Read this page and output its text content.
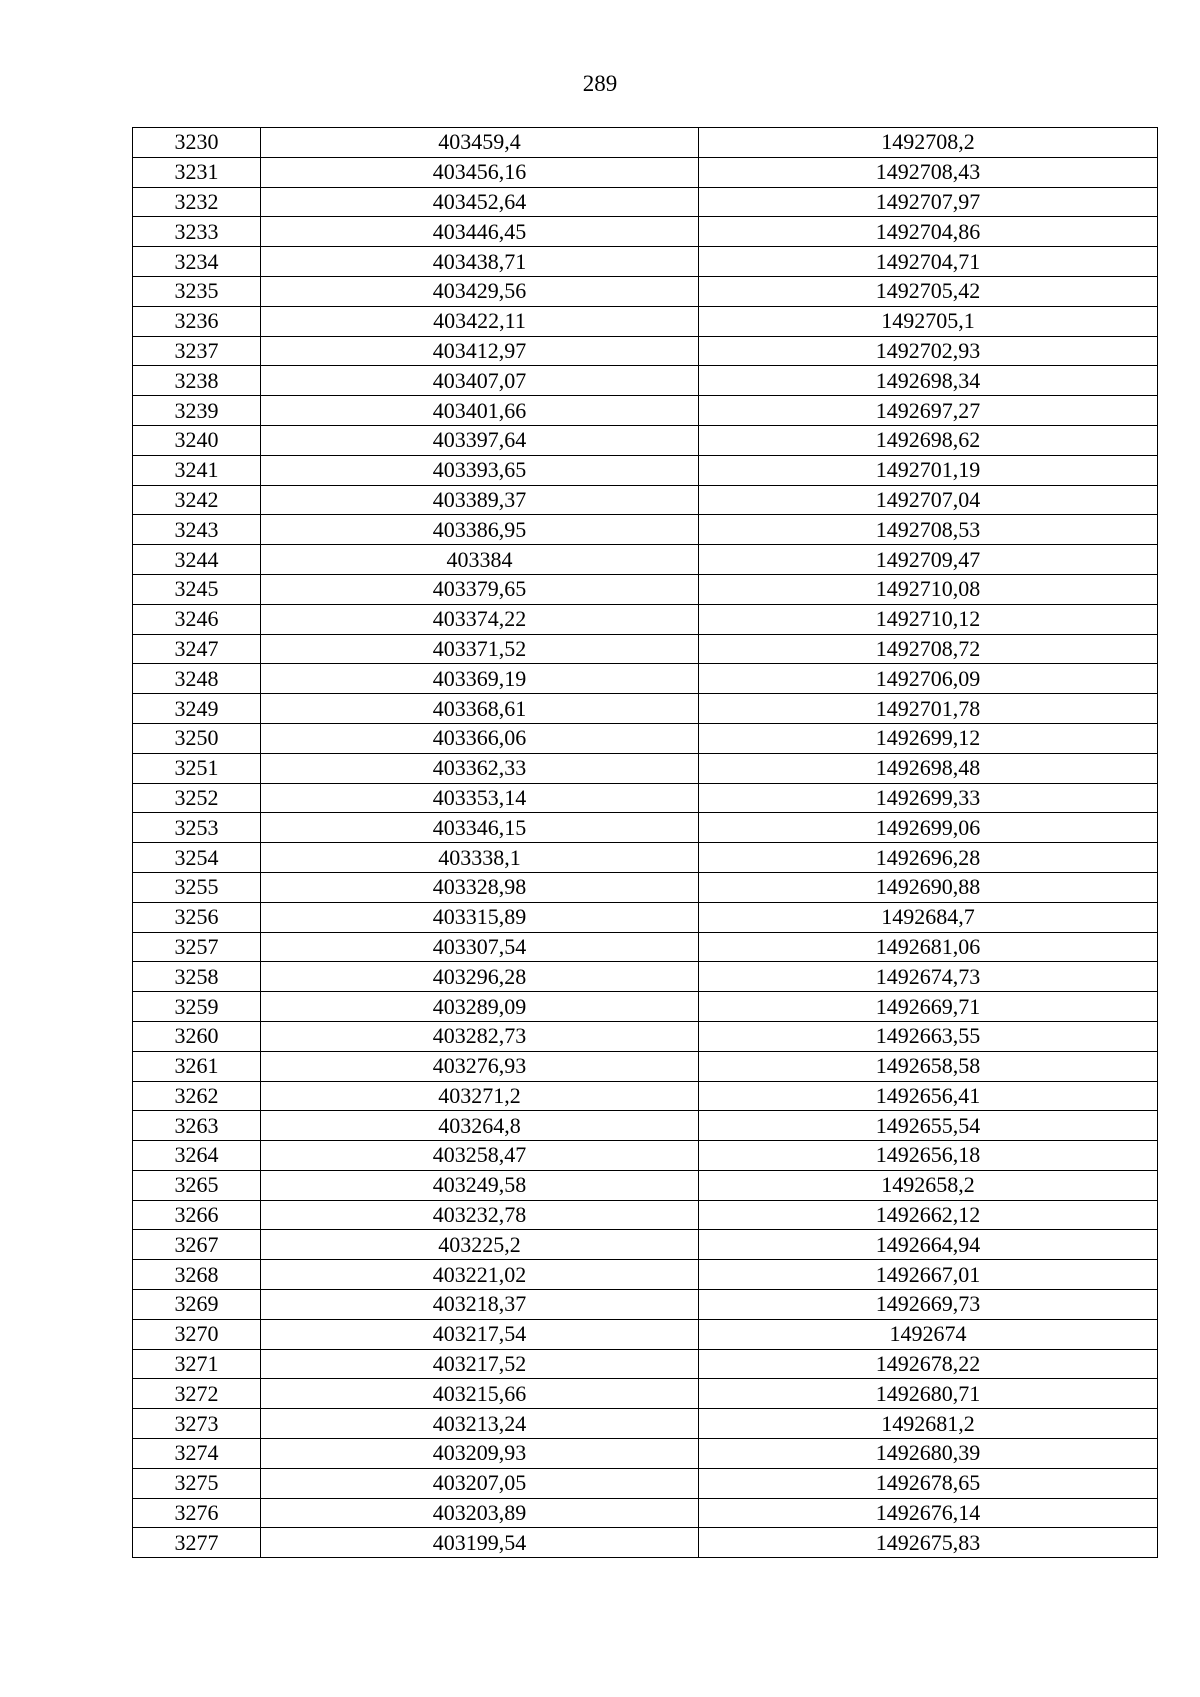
289
3230	403459,4	1492708,2
3231	403456,16	1492708,43
3232	403452,64	1492707,97
3233	403446,45	1492704,86
3234	403438,71	1492704,71
3235	403429,56	1492705,42
3236	403422,11	1492705,1
3237	403412,97	1492702,93
3238	403407,07	1492698,34
3239	403401,66	1492697,27
3240	403397,64	1492698,62
3241	403393,65	1492701,19
3242	403389,37	1492707,04
3243	403386,95	1492708,53
3244	403384	1492709,47
3245	403379,65	1492710,08
3246	403374,22	1492710,12
3247	403371,52	1492708,72
3248	403369,19	1492706,09
3249	403368,61	1492701,78
3250	403366,06	1492699,12
3251	403362,33	1492698,48
3252	403353,14	1492699,33
3253	403346,15	1492699,06
3254	403338,1	1492696,28
3255	403328,98	1492690,88
3256	403315,89	1492684,7
3257	403307,54	1492681,06
3258	403296,28	1492674,73
3259	403289,09	1492669,71
3260	403282,73	1492663,55
3261	403276,93	1492658,58
3262	403271,2	1492656,41
3263	403264,8	1492655,54
3264	403258,47	1492656,18
3265	403249,58	1492658,2
3266	403232,78	1492662,12
3267	403225,2	1492664,94
3268	403221,02	1492667,01
3269	403218,37	1492669,73
3270	403217,54	1492674
3271	403217,52	1492678,22
3272	403215,66	1492680,71
3273	403213,24	1492681,2
3274	403209,93	1492680,39
3275	403207,05	1492678,65
3276	403203,89	1492676,14
3277	403199,54	1492675,83
